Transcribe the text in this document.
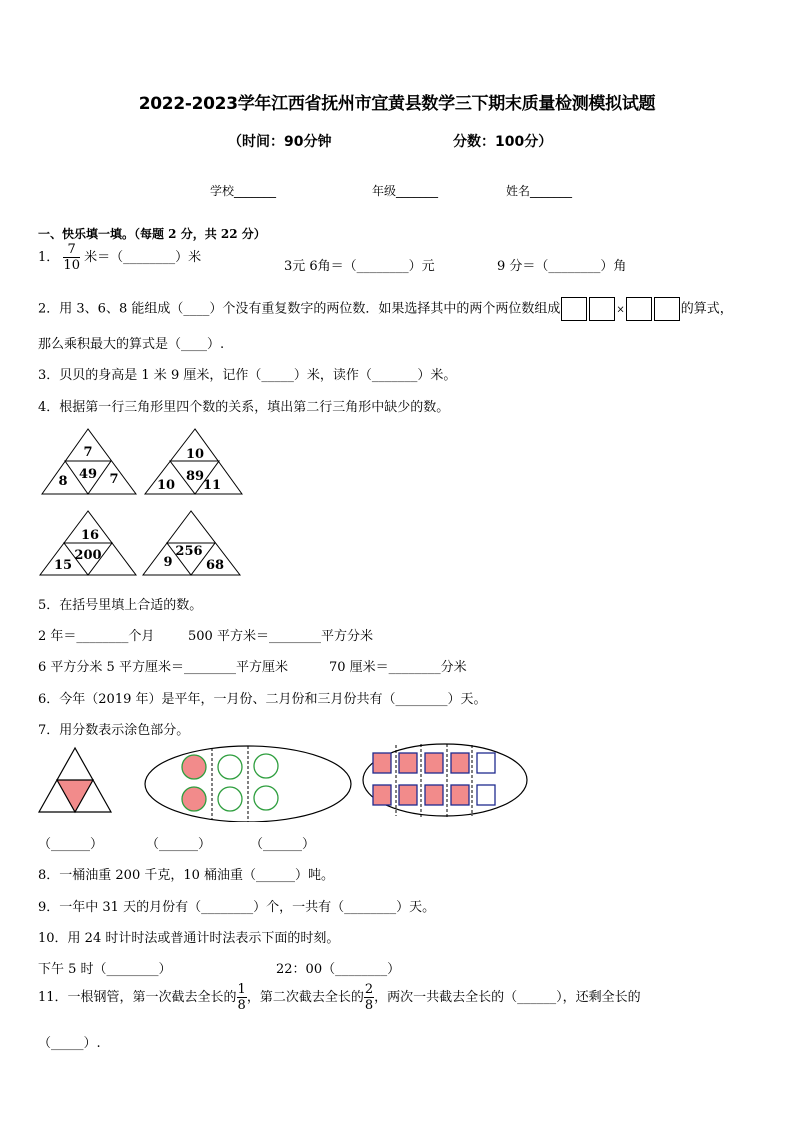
2022-2023学年江西省抚州市宜黄县数学三下期末质量检测模拟试题
（时间：90分钟	分数：100分）
学校_______	年级_______	姓名_______
一、快乐填一填。（每题 2 分，共 22 分）
1． $\frac{7}{10}$ 米＝（________）米
3元 6角＝（________）元	9 分＝（________）角
2．用 3、6、8 能组成（____）个没有重复数字的两位数．如果选择其中的两个两位数组成	×	的算式，
那么乘积最大的算式是（____）.
3．贝贝的身高是 1 米 9 厘米，记作（_____）米，读作（_______）米。
4．根据第一行三角形里四个数的关系，填出第二行三角形中缺少的数。
7
49
8	7
10
89
10 11
16
200
15
256
9	68
5．在括号里填上合适的数。
2 年＝________个月	500 平方米＝________平方分米
6 平方分米 5 平方厘米＝________平方厘米	70 厘米＝________分米
6．今年（2019 年）是平年，一月份、二月份和三月份共有（________）天。
7．用分数表示涂色部分。
（______）	（______）	（______）
8．一桶油重 200 千克，10 桶油重（______）吨。
9．一年中 31 天的月份有（________）个，一共有（________）天。
10．用 24 时计时法或普通计时法表示下面的时刻。
下午 5 时（________）	22：00（________）
11．一根钢管，第一次截去全长的 $\frac{1}{8}$ ，第二次截去全长的 $\frac{2}{8}$ ，两次一共截去全长的（______），还剩全长的
（_____）.
